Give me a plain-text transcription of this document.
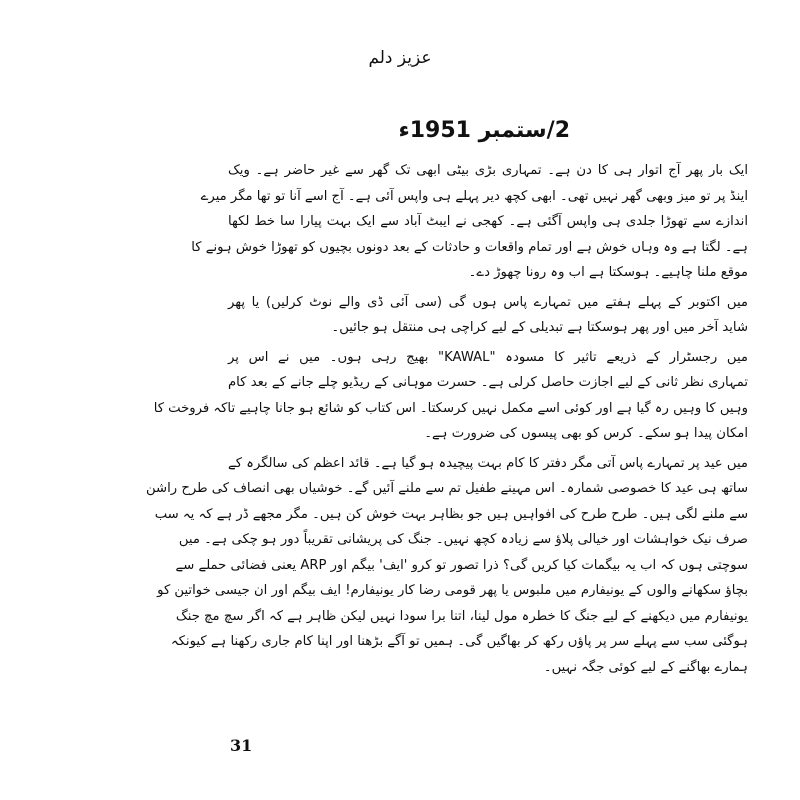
عزیز دلم
2/ستمبر 1951ء
ایک بار پھر آج اتوار ہی کا دن ہے۔ تمہاری بڑی بیٹی ابھی تک گھر سے غیر حاضر ہے۔ ویک
اینڈ پر تو میز وبھی گھر نہیں تھی۔ ابھی کچھ دیر پہلے ہی واپس آئی ہے۔ آج اسے آنا تو تھا مگر میرے
اندازے سے تھوڑا جلدی ہی واپس آگئی ہے۔ کھجی نے ایبٹ آباد سے ایک بہت پیارا سا خط لکھا
ہے۔ لگتا ہے وہ وہاں خوش ہے اور تمام واقعات و حادثات کے بعد دونوں بچیوں کو تھوڑا خوش ہونے کا
موقع ملنا چاہیے۔ ہوسکتا ہے اب وہ رونا چھوڑ دے۔
میں اکتوبر کے پہلے ہفتے میں تمہارے پاس ہوں گی (سی آئی ڈی والے نوٹ کرلیں) یا پھر
شاید آخر میں اور پھر ہوسکتا ہے تبدیلی کے لیے کراچی ہی منتقل ہو جائیں۔
میں رجسٹرار کے ذریعے تاثیر کا مسودہ "KAWAL" بھیج رہی ہوں۔ میں نے اس پر
تمہاری نظر ثانی کے لیے اجازت حاصل کرلی ہے۔ حسرت موہانی کے ریڈیو چلے جانے کے بعد کام
وہیں کا وہیں رہ گیا ہے اور کوئی اسے مکمل نہیں کرسکتا۔ اس کتاب کو شائع ہو جانا چاہیے تاکہ فروخت کا
امکان پیدا ہو سکے۔ کرس کو بھی پیسوں کی ضرورت ہے۔
میں عید پر تمہارے پاس آتی مگر دفتر کا کام بہت پیچیدہ ہو گیا ہے۔ قائد اعظم کی سالگرہ کے
ساتھ ہی عید کا خصوصی شمارہ۔ اس مہینے طفیل تم سے ملنے آئیں گے۔ خوشیاں بھی انصاف کی طرح راشن
سے ملنے لگی ہیں۔ طرح طرح کی افواہیں ہیں جو بظاہر بہت خوش کن ہیں۔ مگر مجھے ڈر ہے کہ یہ سب
صرف نیک خواہشات اور خیالی پلاؤ سے زیادہ کچھ نہیں۔ جنگ کی پریشانی تقریباً دور ہو چکی ہے۔ میں
سوچتی ہوں کہ اب یہ بیگمات کیا کریں گی؟ ذرا تصور تو کرو 'ایف' بیگم اور ARP یعنی فضائی حملے سے
بچاؤ سکھانے والوں کے یونیفارم میں ملبوس یا پھر قومی رضا کار یونیفارم! ایف بیگم اور ان جیسی خواتین کو
یونیفارم میں دیکھنے کے لیے جنگ کا خطرہ مول لینا، اتنا برا سودا نہیں لیکن ظاہر ہے کہ اگر سچ مچ جنگ
ہوگئی سب سے پہلے سر پر پاؤں رکھ کر بھاگیں گی۔ ہمیں تو آگے بڑھنا اور اپنا کام جاری رکھنا ہے کیونکہ
ہمارے بھاگنے کے لیے کوئی جگہ نہیں۔
31
